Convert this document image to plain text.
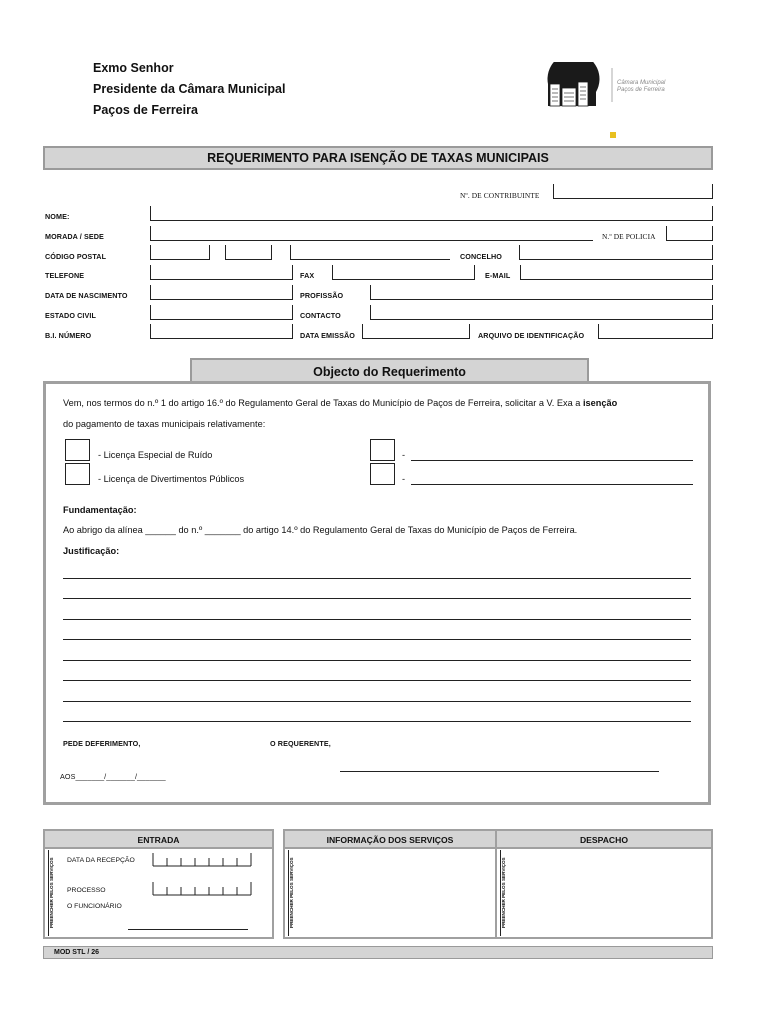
Exmo Senhor
Presidente da Câmara Municipal
Paços de Ferreira
Câmara Municipal
Paços de Ferreira
REQUERIMENTO PARA ISENÇÃO DE TAXAS MUNICIPAIS
Nº. DE CONTRIBUINTE
NOME:
MORADA / SEDE	N.º DE POLICIA
CÓDIGO POSTAL	CONCELHO
TELEFONE	FAX	E-MAIL
DATA DE NASCIMENTO	PROFISSÃO
ESTADO CIVIL	CONTACTO
B.I. NÚMERO	DATA EMISSÃO	ARQUIVO DE IDENTIFICAÇÃO
Objecto do Requerimento
Vem, nos termos do n.º 1 do artigo 16.º do Regulamento Geral de Taxas do Município de Paços de Ferreira, solicitar a V. Exa a isenção
do pagamento de taxas municipais relativamente:
- Licença Especial de Ruído
- Licença de Divertimentos Públicos
-
-
Fundamentação:
Ao abrigo da alínea ______ do n.º _______ do artigo 14.º do Regulamento Geral de Taxas do Município de Paços de Ferreira.
Justificação:
PEDE DEFERIMENTO,	O REQUERENTE,
AOS_______/_______/_______
ENTRADA
PREENCHER PELOS SERVIÇOS DATA DA RECEPÇÃO
PROCESSO
O FUNCIONÁRIO
INFORMAÇÃO DOS SERVIÇOS
PREENCHER PELOS SERVIÇOS
DESPACHO
PREENCHER PELOS SERVIÇOS
MOD STL / 26
